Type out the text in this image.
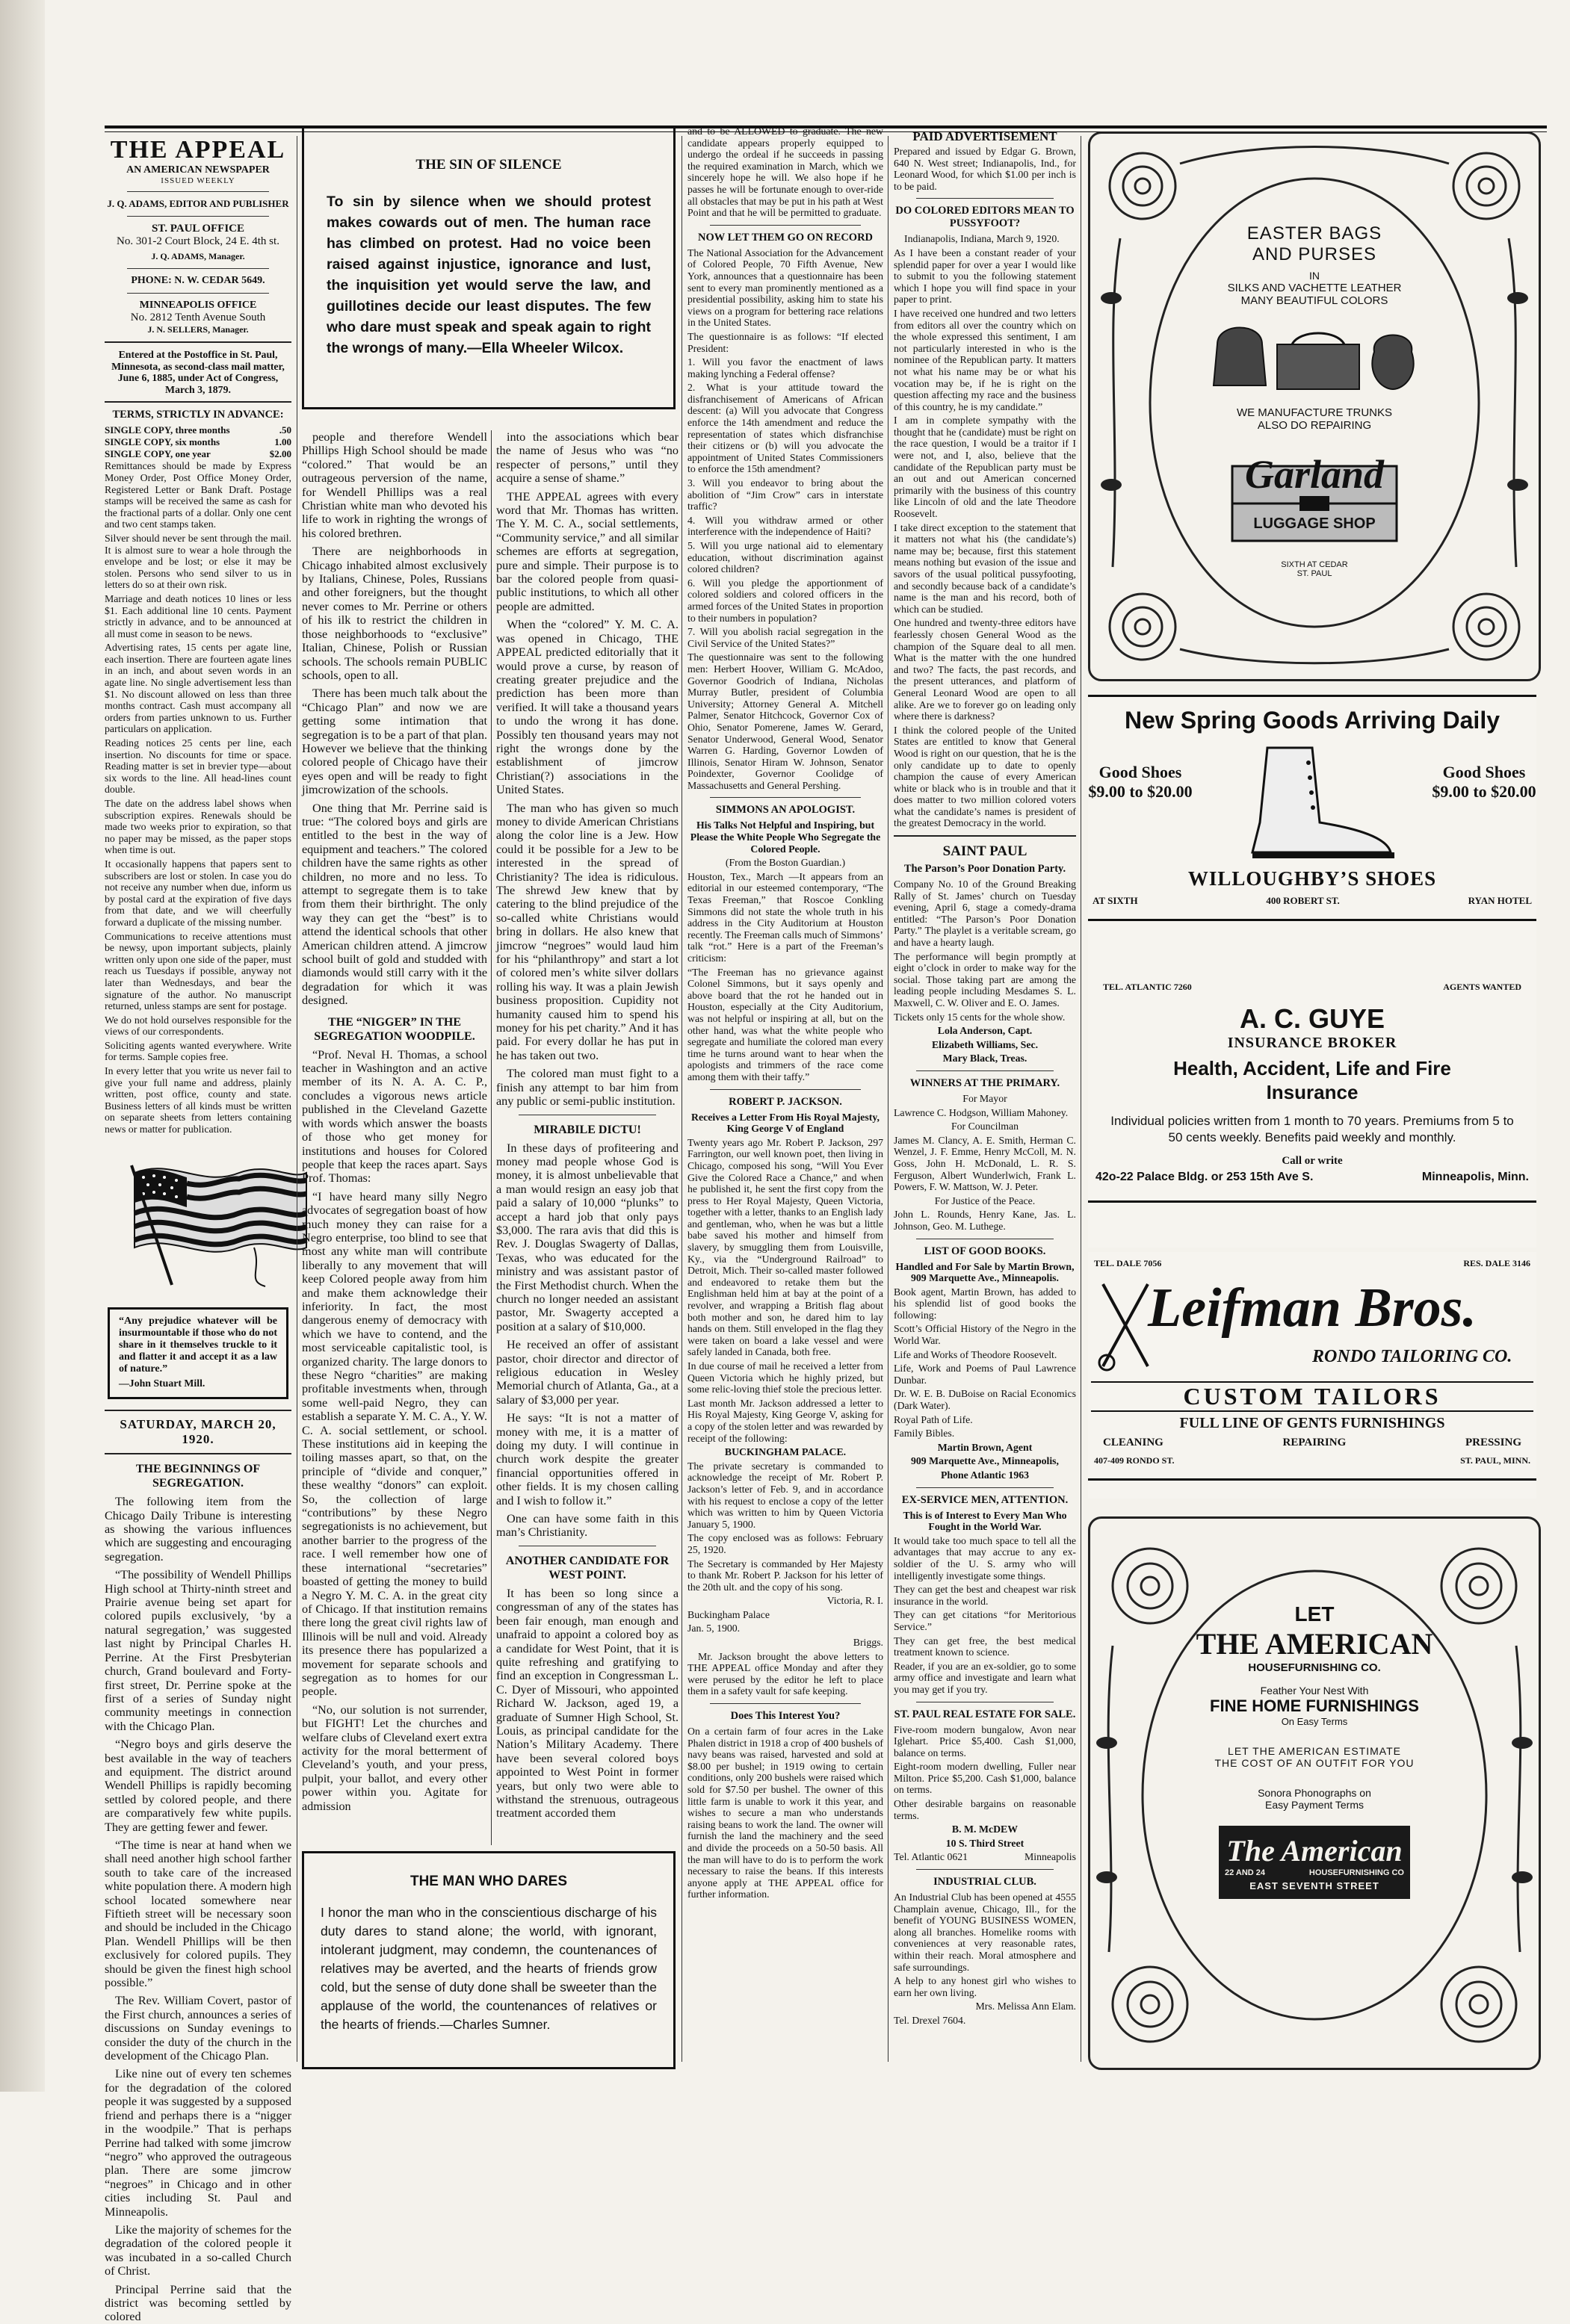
THE APPEAL

AN AMERICAN NEWSPAPER
ISSUED WEEKLY
J. Q. ADAMS, EDITOR AND PUBLISHER
ST. PAUL OFFICE
No. 301-2 Court Block, 24 E. 4th st.
J. Q. ADAMS, Manager.
PHONE: N. W. CEDAR 5649.
MINNEAPOLIS OFFICE
No. 2812 Tenth Avenue South
J. N. SELLERS, Manager.

Entered at the Postoffice in St. Paul, Minnesota, as second-class mail matter, June 6, 1885, under Act of Congress, March 3, 1879.

TERMS, STRICTLY IN ADVANCE:
SINGLE COPY, three months	.50
SINGLE COPY, six months	1.00
SINGLE COPY, one year	$2.00

Remittances should be made by Express Money Order, Post Office Money Order, Registered Letter or Bank Draft. Postage stamps will be received the same as cash for the fractional parts of a dollar. Only one cent and two cent stamps taken.

Silver should never be sent through the mail. It is almost sure to wear a hole through the envelope and be lost; or else it may be stolen. Persons who send silver to us in letters do so at their own risk.

Marriage and death notices 10 lines or less $1. Each additional line 10 cents. Payment strictly in advance, and to be announced at all must come in season to be news.

Advertising rates, 15 cents per agate line, each insertion. There are fourteen agate lines in an inch, and about seven words in an agate line. No single advertisement less than $1. No discount allowed on less than three months contract. Cash must accompany all orders from parties unknown to us. Further particulars on application.

Reading notices 25 cents per line, each insertion. No discounts for time or space. Reading matter is set in brevier type—about six words to the line. All head-lines count double.

The date on the address label shows when subscription expires. Renewals should be made two weeks prior to expiration, so that no paper may be missed, as the paper stops when time is out.

It occasionally happens that papers sent to subscribers are lost or stolen. In case you do not receive any number when due, inform us by postal card at the expiration of five days from that date, and we will cheerfully forward a duplicate of the missing number.

Communications to receive attentions must be newsy, upon important subjects, plainly written only upon one side of the paper, must reach us Tuesdays if possible, anyway not later than Wednesdays, and bear the signature of the author. No manuscript returned, unless stamps are sent for postage.

We do not hold ourselves responsible for the views of our correspondents.

Soliciting agents wanted everywhere. Write for terms. Sample copies free.

In every letter that you write us never fail to give your full name and address, plainly written, post office, county and state. Business letters of all kinds must be written on separate sheets from letters containing news or matter for publication.

“Any prejudice whatever will be insurmountable if those who do not share in it themselves truckle to it and flatter it and accept it as a law of nature.”

—John Stuart Mill.

SATURDAY, MARCH 20, 1920.
THE BEGINNINGS OF SEGREGATION.

The following item from the Chicago Daily Tribune is interesting as showing the various influences which are suggesting and encouraging segregation.

“The possibility of Wendell Phillips High school at Thirty-ninth street and Prairie avenue being set apart for colored pupils exclusively, ‘by a natural segregation,’ was suggested last night by Principal Charles H. Perrine. At the First Presbyterian church, Grand boulevard and Forty-first street, Dr. Perrine spoke at the first of a series of Sunday night community meetings in connection with the Chicago Plan.

“Negro boys and girls deserve the best available in the way of teachers and equipment. The district around Wendell Phillips is rapidly becoming settled by colored people, and there are comparatively few white pupils. They are getting fewer and fewer.

“The time is near at hand when we shall need another high school farther south to take care of the increased white population there. A modern high school located somewhere near Fiftieth street will be necessary soon and should be included in the Chicago Plan. Wendell Phillips will be then exclusively for colored pupils. They should be given the finest high school possible.”

The Rev. William Covert, pastor of the First church, announces a series of discussions on Sunday evenings to consider the duty of the church in the development of the Chicago Plan.

Like nine out of every ten schemes for the degradation of the colored people it was suggested by a supposed friend and perhaps there is a “nigger in the woodpile.” That is perhaps Perrine had talked with some jimcrow “negro” who approved the outrageous plan. There are some jimcrow “negroes” in Chicago and in other cities including St. Paul and Minneapolis.

Like the majority of schemes for the degradation of the colored people it was incubated in a so-called Church of Christ.

Principal Perrine said that the district was becoming settled by colored

THE SIN OF SILENCE

To sin by silence when we should protest makes cowards out of men. The human race has climbed on protest. Had no voice been raised against injustice, ignorance and lust, the inquisition yet would serve the law, and guillotines decide our least disputes. The few who dare must speak and speak again to right the wrongs of many.—Ella Wheeler Wilcox.

people and therefore Wendell Phillips High School should be made “colored.” That would be an outrageous perversion of the name, for Wendell Phillips was a real Christian white man who devoted his life to work in righting the wrongs of his colored brethren.

There are neighborhoods in Chicago inhabited almost exclusively by Italians, Chinese, Poles, Russians and other foreigners, but the thought never comes to Mr. Perrine or others of his ilk to restrict the children in those neighborhoods to “exclusive” Italian, Chinese, Polish or Russian schools. The schools remain PUBLIC schools, open to all.

There has been much talk about the “Chicago Plan” and now we are getting some intimation that segregation is to be a part of that plan. However we believe that the thinking colored people of Chicago have their eyes open and will be ready to fight jimcrowization of the schools.

One thing that Mr. Perrine said is true: “The colored boys and girls are entitled to the best in the way of equipment and teachers.” The colored children have the same rights as other children, no more and no less. To attempt to segregate them is to take from them their birthright. The only way they can get the “best” is to attend the identical schools that other American children attend. A jimcrow school built of gold and studded with diamonds would still carry with it the degradation for which it was designed.

THE “NIGGER” IN THE SEGREGATION WOODPILE.

“Prof. Neval H. Thomas, a school teacher in Washington and an active member of its N. A. A. C. P., concludes a vigorous news article published in the Cleveland Gazette with words which answer the boasts of those who get money for institutions and houses for Colored people that keep the races apart. Says Prof. Thomas:

“I have heard many silly Negro advocates of segregation boast of how much money they can raise for a Negro enterprise, too blind to see that most any white man will contribute liberally to any movement that will keep Colored people away from him and make them acknowledge their inferiority. In fact, the most dangerous enemy of democracy with which we have to contend, and the most serviceable capitalistic tool, is organized charity. The large donors to these Negro “charities” are making profitable investments when, through some well-paid Negro, they can establish a separate Y. M. C. A., Y. W. C. A. social settlement, or school. These institutions aid in keeping the toiling masses apart, so that, on the principle of “divide and conquer,” these wealthy “donors” can exploit. So, the collection of large “contributions” by these Negro segregationists is no achievement, but another barrier to the progress of the race. I well remember how one of these international “secretaries” boasted of getting the money to build a Negro Y. M. C. A. in the great city of Chicago. If that institution remains there long the great civil rights law of Illinois will be null and void. Already its presence there has popularized a movement for separate schools and segregation as to homes for our people.

“No, our solution is not surrender, but FIGHT! Let the churches and welfare clubs of Cleveland exert extra activity for the moral betterment of Cleveland’s youth, and your press, pulpit, your ballot, and every other power within you. Agitate for admission

into the associations which bear the name of Jesus who was “no respecter of persons,” until they acquire a sense of shame.”

THE APPEAL agrees with every word that Mr. Thomas has written. The Y. M. C. A., social settlements, “Community service,” and all similar schemes are efforts at segregation, pure and simple. Their purpose is to bar the colored people from quasi-public institutions, to which all other people are admitted.

When the “colored” Y. M. C. A. was opened in Chicago, THE APPEAL predicted editorially that it would prove a curse, by reason of creating greater prejudice and the prediction has been more than verified. It will take a thousand years to undo the wrong it has done. Possibly ten thousand years may not right the wrongs done by the establishment of jimcrow Christian(?) associations in the United States.

The man who has given so much money to divide American Christians along the color line is a Jew. How could it be possible for a Jew to be interested in the spread of Christianity? The idea is ridiculous. The shrewd Jew knew that by catering to the blind prejudice of the so-called white Christians would bring in dollars. He also knew that jimcrow “negroes” would laud him for his “philanthropy” and start a lot of colored men’s white silver dollars rolling his way. It was a plain Jewish business proposition. Cupidity not humanity caused him to spend his money for his pet charity.” And it has paid. For every dollar he has put in he has taken out two.

The colored man must fight to a finish any attempt to bar him from any public or semi-public institution.

MIRABILE DICTU!

In these days of profiteering and money mad people whose God is money, it is almost unbelievable that a man would resign an easy job that paid a salary of 10,000 “plunks” to accept a hard job that only pays $3,000. The rara avis that did this is Rev. J. Douglas Swagerty of Dallas, Texas, who was educated for the ministry and was assistant pastor of the First Methodist church. When the church no longer needed an assistant pastor, Mr. Swagerty accepted a position at a salary of $10,000.

He received an offer of assistant pastor, choir director and director of religious education in Wesley Memorial church of Atlanta, Ga., at a salary of $3,000 per year.

He says: “It is not a matter of money with me, it is a matter of doing my duty. I will continue in church work despite the greater financial opportunities offered in other fields. It is my chosen calling and I wish to follow it.”

One can have some faith in this man’s Christianity.

ANOTHER CANDIDATE FOR WEST POINT.

It has been so long since a congressman of any of the states has been fair enough, man enough and unafraid to appoint a colored boy as a candidate for West Point, that it is quite refreshing and gratifying to find an exception in Congressman L. C. Dyer of Missouri, who appointed Richard W. Jackson, aged 19, a graduate of Sumner High School, St. Louis, as principal candidate for the Nation’s Military Academy. There have been several colored boys appointed to West Point in former years, but only two were able to withstand the strenuous, outrageous treatment accorded them

THE MAN WHO DARES

I honor the man who in the conscientious discharge of his duty dares to stand alone; the world, with ignorant, intolerant judgment, may condemn, the countenances of relatives may be averted, and the hearts of friends grow cold, but the sense of duty done shall be sweeter than the applause of the world, the countenances of relatives or the hearts of friends.—Charles Sumner.

and to be ALLOWED to graduate. The new candidate appears properly equipped to undergo the ordeal if he succeeds in passing the required examination in March, which we sincerely hope he will. We also hope if he passes he will be fortunate enough to over-ride all obstacles that may be put in his path at West Point and that he will be permitted to graduate.

NOW LET THEM GO ON RECORD

The National Association for the Advancement of Colored People, 70 Fifth Avenue, New York, announces that a questionnaire has been sent to every man prominently mentioned as a presidential possibility, asking him to state his views on a program for bettering race relations in the United States.

The questionnaire is as follows: “If elected President:

1. Will you favor the enactment of laws making lynching a Federal offense?

2. What is your attitude toward the disfranchisement of Americans of African descent: (a) Will you advocate that Congress enforce the 14th amendment and reduce the representation of states which disfranchise their citizens or (b) will you advocate the appointment of United States Commissioners to enforce the 15th amendment?

3. Will you endeavor to bring about the abolition of “Jim Crow” cars in interstate traffic?

4. Will you withdraw armed or other interference with the independence of Haiti?

5. Will you urge national aid to elementary education, without discrimination against colored children?

6. Will you pledge the apportionment of colored soldiers and colored officers in the armed forces of the United States in proportion to their numbers in population?

7. Will you abolish racial segregation in the Civil Service of the United States?”

The questionnaire was sent to the following men: Herbert Hoover, William G. McAdoo, Governor Goodrich of Indiana, Nicholas Murray Butler, president of Columbia University; Attorney General A. Mitchell Palmer, Senator Hitchcock, Governor Cox of Ohio, Senator Pomerene, James W. Gerard, Senator Underwood, General Wood, Senator Warren G. Harding, Governor Lowden of Illinois, Senator Hiram W. Johnson, Senator Poindexter, Governor Coolidge of Massachusetts and General Pershing.

SIMMONS AN APOLOGIST.

His Talks Not Helpful and Inspiring, but Please the White People Who Segregate the Colored People.

(From the Boston Guardian.)

Houston, Tex., March —It appears from an editorial in our esteemed contemporary, “The Texas Freeman,” that Roscoe Conkling Simmons did not state the whole truth in his address in the City Auditorium at Houston recently. The Freeman calls much of Simmons’ talk “rot.” Here is a part of the Freeman’s criticism:

“The Freeman has no grievance against Colonel Simmons, but it says openly and above board that the rot he handed out in Houston, especially at the City Auditorium, was not helpful or inspiring at all, but on the other hand, was what the white people who segregate and humiliate the colored man every time he turns around want to hear when the apologists and trimmers of the race come among them with their taffy.”

ROBERT P. JACKSON.

Receives a Letter From His Royal Majesty, King George V of England

Twenty years ago Mr. Robert P. Jackson, 297 Farrington, our well known poet, then living in Chicago, composed his song, “Will You Ever Give the Colored Race a Chance,” and when he published it, he sent the first copy from the press to Her Royal Majesty, Queen Victoria, together with a letter, thanks to an English lady and gentleman, who, when he was but a little babe saved his mother and himself from slavery, by smuggling them from Louisville, Ky., via the “Underground Railroad” to Detroit, Mich. Their so-called master followed and endeavored to retake them but the Englishman held him at bay at the point of a revolver, and wrapping a British flag about both mother and son, he dared him to lay hands on them. Still enveloped in the flag they were taken on board a lake vessel and were safely landed in Canada, both free.

In due course of mail he received a letter from Queen Victoria which he highly prized, but some relic-loving thief stole the precious letter.

Last month Mr. Jackson addressed a letter to His Royal Majesty, King George V, asking for a copy of the stolen letter and was rewarded by receipt of the following:

BUCKINGHAM PALACE.

The private secretary is commanded to acknowledge the receipt of Mr. Robert P. Jackson’s letter of Feb. 9, and in accordance with his request to enclose a copy of the letter which was written to him by Queen Victoria January 5, 1900.

The copy enclosed was as follows: February 25, 1920.

The Secretary is commanded by Her Majesty to thank Mr. Robert P. Jackson for his letter of the 20th ult. and the copy of his song.

Victoria, R. I.

Buckingham Palace

Jan. 5, 1900.

Briggs.

Mr. Jackson brought the above letters to THE APPEAL office Monday and after they were perused by the editor he left to place them in a safety vault for safe keeping.

Does This Interest You?

On a certain farm of four acres in the Lake Phalen district in 1918 a crop of 400 bushels of navy beans was raised, harvested and sold at $8.00 per bushel; in 1919 owing to certain conditions, only 200 bushels were raised which sold for $7.50 per bushel. The owner of this little farm is unable to work it this year, and wishes to secure a man who understands raising beans to work the land. The owner will furnish the land the machinery and the seed and divide the proceeds on a 50-50 basis. All the man will have to do is to perform the work necessary to raise the beans. If this interests anyone apply at THE APPEAL office for further information.

PAID ADVERTISEMENT

Prepared and issued by Edgar G. Brown, 640 N. West street; Indianapolis, Ind., for Leonard Wood, for which $1.00 per inch is to be paid.

DO COLORED EDITORS MEAN TO PUSSYFOOT?

Indianapolis, Indiana, March 9, 1920.

As I have been a constant reader of your splendid paper for over a year I would like to submit to you the following statement which I hope you will find space in your paper to print.

I have received one hundred and two letters from editors all over the country which on the whole expressed this sentiment, I am not particularly interested in who is the nominee of the Republican party. It matters not what his name may be or what his vocation may be, if he is right on the question affecting my race and the business of this country, he is my candidate.”

I am in complete sympathy with the thought that he (candidate) must be right on the race question, I would be a traitor if I were not, and I, also, believe that the candidate of the Republican party must be an out and out American concerned primarily with the business of this country like Lincoln of old and the late Theodore Roosevelt.

I take direct exception to the statement that it matters not what his (the candidate’s) name may be; because, first this statement means nothing but evasion of the issue and savors of the usual political pussyfooting, and secondly because back of a candidate’s name is the man and his record, both of which can be studied.

One hundred and twenty-three editors have fearlessly chosen General Wood as the champion of the Square deal to all men. What is the matter with the one hundred and two? The facts, the past records, and the present utterances, and platform of General Leonard Wood are open to all alike. Are we to forever go on leading only where there is darkness?

I think the colored people of the United States are entitled to know that General Wood is right on our question, that he is the only candidate up to date to openly champion the cause of every American white or black who is in trouble and that it does matter to two million colored voters what the candidate’s names is president of the greatest Democracy in the world.

SAINT PAUL
The Parson’s Poor Donation Party.

Company No. 10 of the Ground Breaking Rally of St. James’ church on Tuesday evening, April 6, stage a comedy-drama entitled: “The Parson’s Poor Donation Party.” The playlet is a veritable scream, go and have a hearty laugh.

The performance will begin promptly at eight o’clock in order to make way for the social. Those taking part are among the leading people including Mesdames S. L. Maxwell, C. W. Oliver and E. O. James.

Tickets only 15 cents for the whole show.

Lola Anderson, Capt.

Elizabeth Williams, Sec.

Mary Black, Treas.

WINNERS AT THE PRIMARY.

For Mayor

Lawrence C. Hodgson, William Mahoney.

For Councilman

James M. Clancy, A. E. Smith, Herman C. Wenzel, J. F. Emme, Henry McColl, M. N. Goss, John H. McDonald, L. R. S. Ferguson, Albert Wunderlwich, Frank L. Powers, F. W. Mattson, W. J. Peter.

For Justice of the Peace.

John L. Rounds, Henry Kane, Jas. L. Johnson, Geo. M. Luthege.

LIST OF GOOD BOOKS.

Handled and For Sale by Martin Brown, 909 Marquette Ave., Minneapolis.

Book agent, Martin Brown, has added to his splendid list of good books the following:

Scott’s Official History of the Negro in the World War.

Life and Works of Theodore Roosevelt.

Life, Work and Poems of Paul Lawrence Dunbar.

Dr. W. E. B. DuBoise on Racial Economics (Dark Water).

Royal Path of Life.

Family Bibles.

Martin Brown, Agent

909 Marquette Ave., Minneapolis,

Phone Atlantic 1963

EX-SERVICE MEN, ATTENTION.

This is of Interest to Every Man Who Fought in the World War.

It would take too much space to tell all the advantages that may accrue to any ex-soldier of the U. S. army who will intelligently investigate some things.

They can get the best and cheapest war risk insurance in the world.

They can get citations “for Meritorious Service.”

They can get free, the best medical treatment known to science.

Reader, if you are an ex-soldier, go to some army office and investigate and learn what you may get if you try.

ST. PAUL REAL ESTATE FOR SALE.

Five-room modern bungalow, Avon near Iglehart. Price $5,400. Cash $1,000, balance on terms.

Eight-room modern dwelling, Fuller near Milton. Price $5,200. Cash $1,000, balance on terms.

Other desirable bargains on reasonable terms.

B. M. McDEW

10 S. Third Street

Tel. Atlantic 0621	Minneapolis
INDUSTRIAL CLUB.

An Industrial Club has been opened at 4555 Champlain avenue, Chicago, Ill., for the benefit of YOUNG BUSINESS WOMEN, along all branches. Homelike rooms with conveniences at very reasonable rates, within their reach. Moral atmosphere and safe surroundings.

A help to any honest girl who wishes to earn her own living.

Mrs. Melissa Ann Elam.

Tel. Drexel 7604.

EASTER BAGS
AND PURSES
IN
SILKS AND VACHETTE LEATHER
MANY BEAUTIFUL COLORS
WE MANUFACTURE TRUNKS
ALSO DO REPAIRING
Garland
LUGGAGE SHOP
SIXTH AT CEDAR
ST. PAUL
New Spring Goods Arriving Daily
Good Shoes
$9.00 to $20.00
Good Shoes
$9.00 to $20.00
WILLOUGHBY’S SHOES
AT SIXTH	400 ROBERT ST.	RYAN HOTEL
TEL. ATLANTIC 7260	AGENTS WANTED
A. C. GUYE
INSURANCE BROKER
Health, Accident, Life and Fire Insurance
Individual policies written from 1 month to 70 years. Premiums from 5 to 50 cents weekly. Benefits paid weekly and monthly.
Call or write
42o-22 Palace Bldg. or 253 15th Ave S.	Minneapolis, Minn.
TEL. DALE 7056	RES. DALE 3146
Leifman Bros.
RONDO TAILORING CO.
CUSTOM TAILORS
FULL LINE OF GENTS FURNISHINGS
CLEANING	REPAIRING	PRESSING
407-409 RONDO ST.	ST. PAUL, MINN.
LET
THE AMERICAN
HOUSEFURNISHING CO.
Feather Your Nest With
FINE HOME FURNISHINGS
On Easy Terms
LET THE AMERICAN ESTIMATE
THE COST OF AN OUTFIT FOR YOU
Sonora Phonographs on
Easy Payment Terms
The American
22 AND 24	HOUSEFURNISHING CO
EAST SEVENTH STREET
